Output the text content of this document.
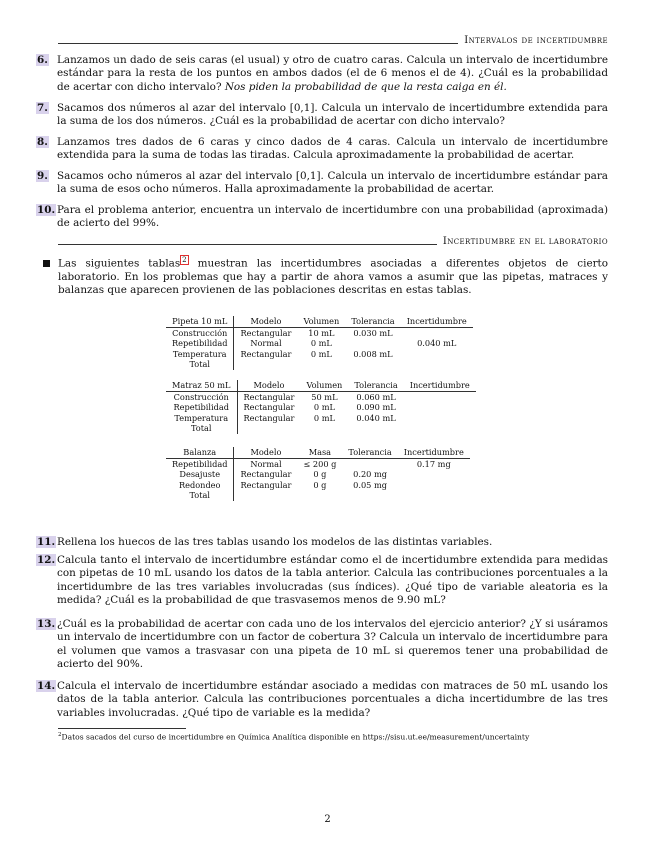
Intervalos de incertidumbre
6. Lanzamos un dado de seis caras (el usual) y otro de cuatro caras. Calcula un intervalo de incertidumbre estándar para la resta de los puntos en ambos dados (el de 6 menos el de 4). ¿Cuál es la probabilidad de acertar con dicho intervalo? Nos piden la probabilidad de que la resta caiga en él.
7. Sacamos dos números al azar del intervalo [0,1]. Calcula un intervalo de incertidumbre extendida para la suma de los dos números. ¿Cuál es la probabilidad de acertar con dicho intervalo?
8. Lanzamos tres dados de 6 caras y cinco dados de 4 caras. Calcula un intervalo de incertidumbre extendida para la suma de todas las tiradas. Calcula aproximadamente la probabilidad de acertar.
9. Sacamos ocho números al azar del intervalo [0,1]. Calcula un intervalo de incertidumbre estándar para la suma de esos ocho números. Halla aproximadamente la probabilidad de acertar.
10. Para el problema anterior, encuentra un intervalo de incertidumbre con una probabilidad (aproximada) de acierto del 99%.
Incertidumbre en el laboratorio
Las siguientes tablas $^2$ muestran las incertidumbres asociadas a diferentes objetos de cierto laboratorio. En los problemas que hay a partir de ahora vamos a asumir que las pipetas, matraces y balanzas que aparecen provienen de las poblaciones descritas en estas tablas.
Pipeta 10 mL	Modelo	Volumen	Tolerancia	Incertidumbre
Construcción	Rectangular	10 mL	0.030 mL	
Repetibilidad	Normal	0 mL		0.040 mL
Temperatura	Rectangular	0 mL	0.008 mL	
Total				
Matraz 50 mL	Modelo	Volumen	Tolerancia	Incertidumbre
Construcción	Rectangular	50 mL	0.060 mL	
Repetibilidad	Rectangular	0 mL	0.090 mL	
Temperatura	Rectangular	0 mL	0.040 mL	
Total				
Balanza	Modelo	Masa	Tolerancia	Incertidumbre
Repetibilidad	Normal	≤ 200 g		0.17 mg
Desajuste	Rectangular	0 g	0.20 mg	
Redondeo	Rectangular	0 g	0.05 mg	
Total				
11. Rellena los huecos de las tres tablas usando los modelos de las distintas variables.
12. Calcula tanto el intervalo de incertidumbre estándar como el de incertidumbre extendida para medidas con pipetas de 10 mL usando los datos de la tabla anterior. Calcula las contribuciones porcentuales a la incertidumbre de las tres variables involucradas (sus índices). ¿Qué tipo de variable aleatoria es la medida? ¿Cuál es la probabilidad de que trasvasemos menos de 9.90 mL?
13. ¿Cuál es la probabilidad de acertar con cada uno de los intervalos del ejercicio anterior? ¿Y si usáramos un intervalo de incertidumbre con un factor de cobertura 3? Calcula un intervalo de incertidumbre para el volumen que vamos a trasvasar con una pipeta de 10 mL si queremos tener una probabilidad de acierto del 90%.
14. Calcula el intervalo de incertidumbre estándar asociado a medidas con matraces de 50 mL usando los datos de la tabla anterior. Calcula las contribuciones porcentuales a dicha incertidumbre de las tres variables involucradas. ¿Qué tipo de variable es la medida?
$^2$Datos sacados del curso de incertidumbre en Química Analítica disponible en https://sisu.ut.ee/measurement/uncertainty
2
